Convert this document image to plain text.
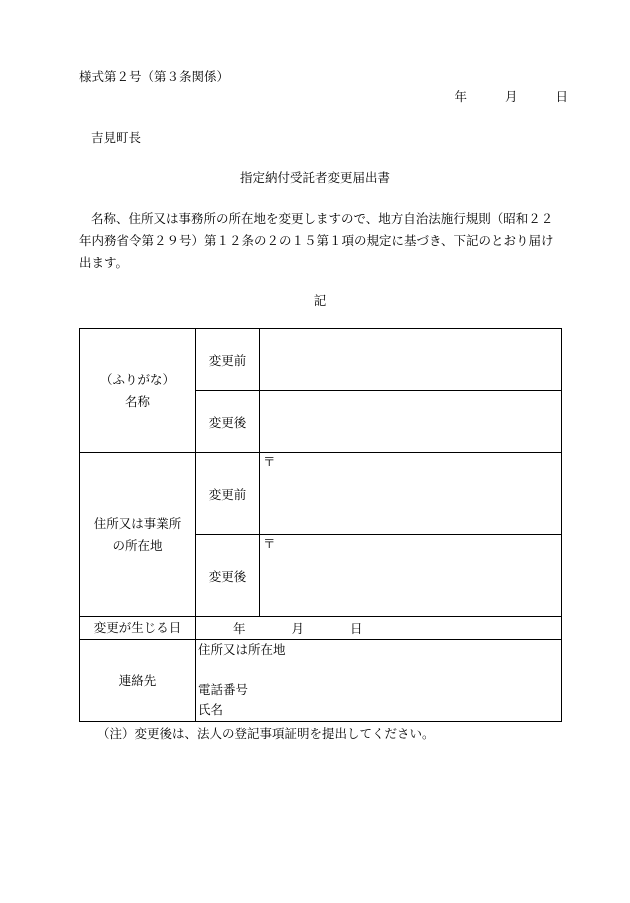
様式第２号（第３条関係）
年	月	日
吉見町長
指定納付受託者変更届出書
名称、住所又は事務所の所在地を変更しますので、地方自治法施行規則（昭和２２年内務省令第２９号）第１２条の２の１５第１項の規定に基づき、下記のとおり届け出ます。
記
（ふりがな）
名称	変更前	
	変更後	

住所又は事業所
の所在地	変更前	〒

	変更後	〒

変更が生じる日	年 月 日	
連絡先	住所又は所在地
電話番号
氏名	
（注）変更後は、法人の登記事項証明を提出してください。
